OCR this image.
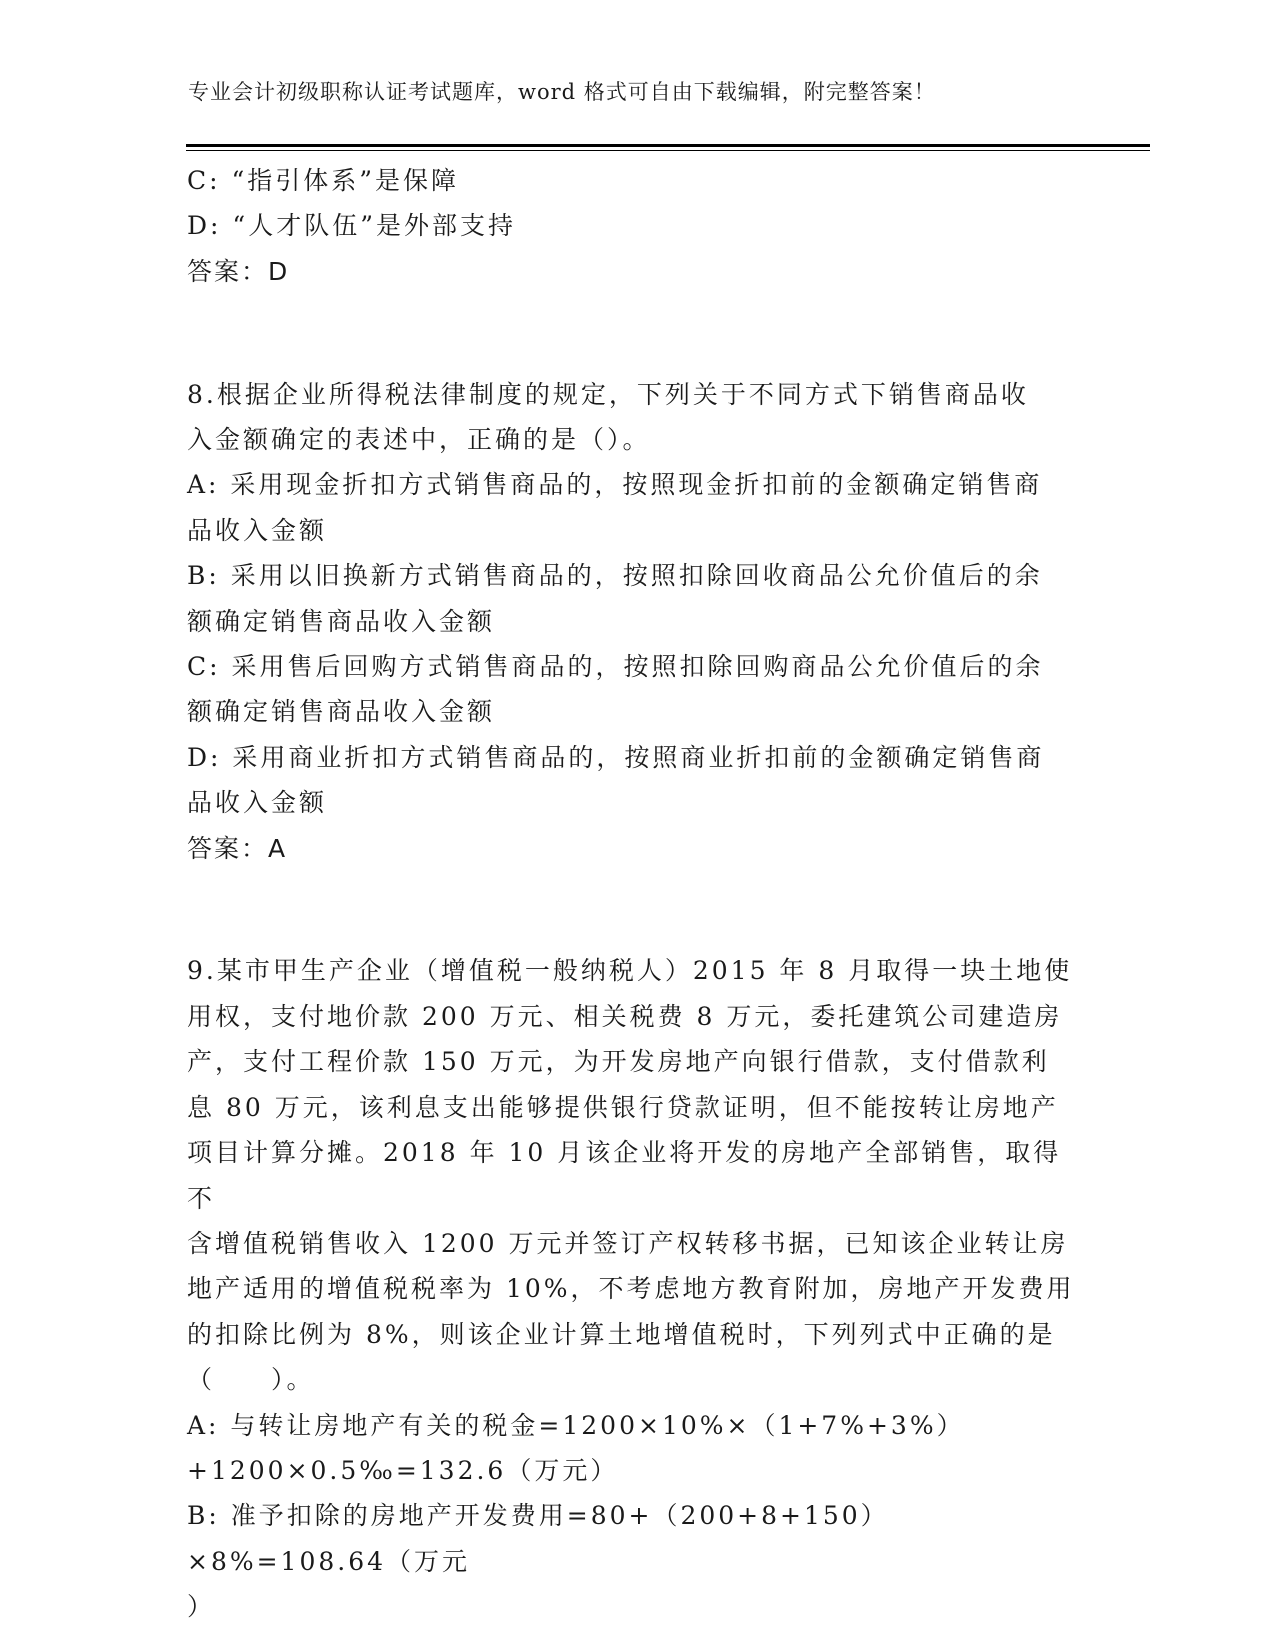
专业会计初级职称认证考试题库，word 格式可自由下载编辑，附完整答案！

C: “指引体系”是保障

D: “人才队伍”是外部支持

答案：D

8.根据企业所得税法律制度的规定，下列关于不同方式下销售商品收

入金额确定的表述中，正确的是（）。

A: 采用现金折扣方式销售商品的，按照现金折扣前的金额确定销售商

品收入金额

B: 采用以旧换新方式销售商品的，按照扣除回收商品公允价值后的余

额确定销售商品收入金额

C: 采用售后回购方式销售商品的，按照扣除回购商品公允价值后的余

额确定销售商品收入金额

D: 采用商业折扣方式销售商品的，按照商业折扣前的金额确定销售商

品收入金额

答案：A

9.某市甲生产企业（增值税一般纳税人）2015 年 8 月取得一块土地使

用权，支付地价款 200 万元、相关税费 8 万元，委托建筑公司建造房

产，支付工程价款 150 万元，为开发房地产向银行借款，支付借款利

息 80 万元，该利息支出能够提供银行贷款证明，但不能按转让房地产

项目计算分摊。2018 年 10 月该企业将开发的房地产全部销售，取得不

含增值税销售收入 1200 万元并签订产权转移书据，已知该企业转让房

地产适用的增值税税率为 10%，不考虑地方教育附加，房地产开发费用

的扣除比例为 8%，则该企业计算土地增值税时，下列列式中正确的是

（　　）。

A: 与转让房地产有关的税金=1200×10%×（1+7%+3%）

+1200×0.5‰=132.6（万元）

B: 准予扣除的房地产开发费用=80+（200+8+150）×8%=108.64（万元

）
